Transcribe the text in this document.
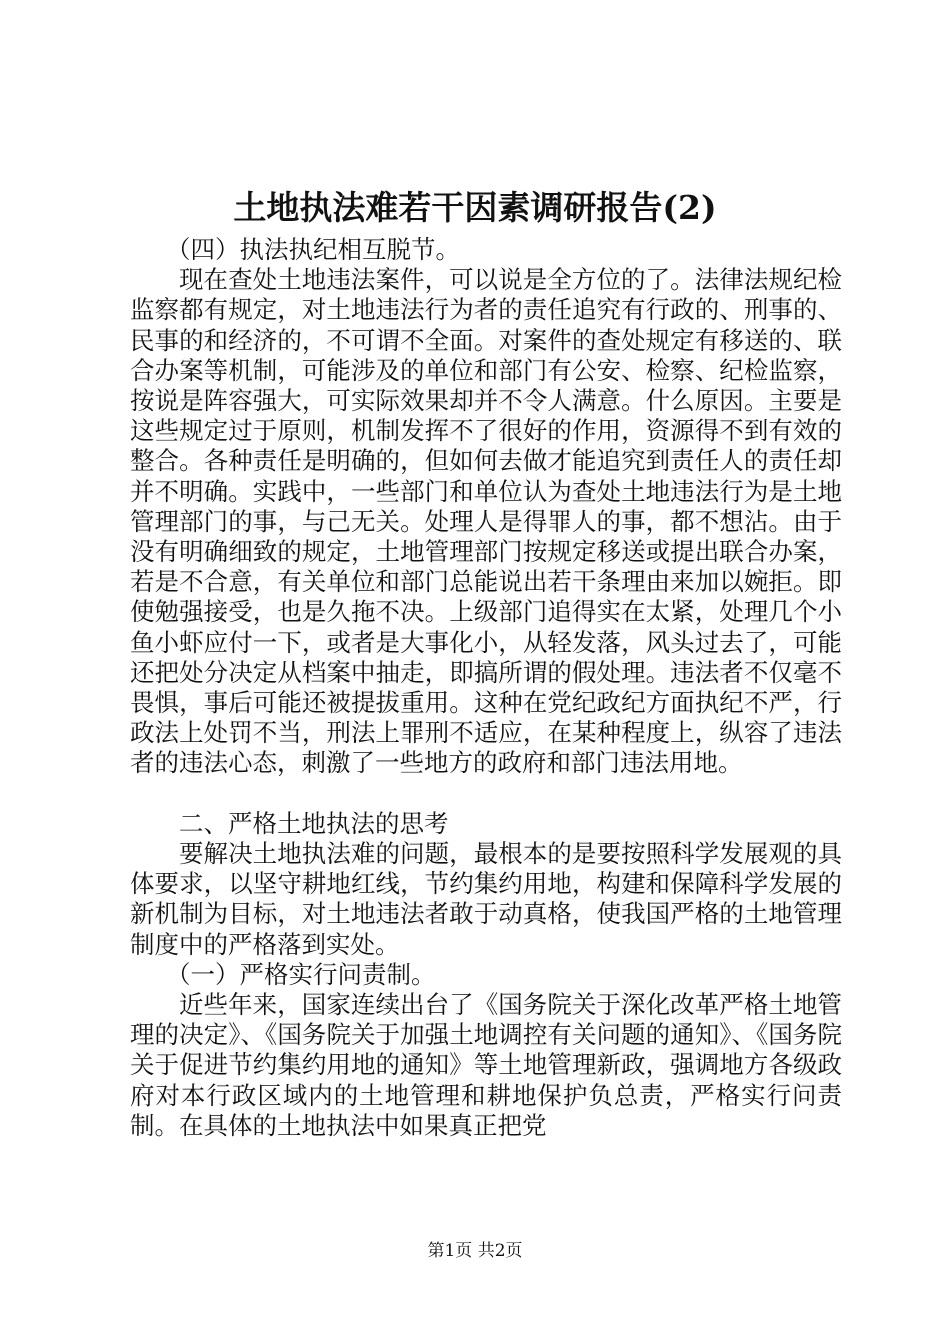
土地执法难若干因素调研报告(2)

（四）执法执纪相互脱节。

现在查处土地违法案件，可以说是全方位的了。法律法规纪检监察都有规定，对土地违法行为者的责任追究有行政的、刑事的、民事的和经济的，不可谓不全面。对案件的查处规定有移送的、联合办案等机制，可能涉及的单位和部门有公安、检察、纪检监察，按说是阵容强大，可实际效果却并不令人满意。什么原因。主要是这些规定过于原则，机制发挥不了很好的作用，资源得不到有效的整合。各种责任是明确的，但如何去做才能追究到责任人的责任却并不明确。实践中，一些部门和单位认为查处土地违法行为是土地管理部门的事，与己无关。处理人是得罪人的事，都不想沾。由于没有明确细致的规定，土地管理部门按规定移送或提出联合办案，若是不合意，有关单位和部门总能说出若干条理由来加以婉拒。即使勉强接受，也是久拖不决。上级部门追得实在太紧，处理几个小鱼小虾应付一下，或者是大事化小，从轻发落，风头过去了，可能还把处分决定从档案中抽走，即搞所谓的假处理。违法者不仅毫不畏惧，事后可能还被提拔重用。这种在党纪政纪方面执纪不严，行政法上处罚不当，刑法上罪刑不适应，在某种程度上，纵容了违法者的违法心态，刺激了一些地方的政府和部门违法用地。

二、严格土地执法的思考

要解决土地执法难的问题，最根本的是要按照科学发展观的具体要求，以坚守耕地红线，节约集约用地，构建和保障科学发展的新机制为目标，对土地违法者敢于动真格，使我国严格的土地管理制度中的严格落到实处。

（一）严格实行问责制。

近些年来，国家连续出台了《国务院关于深化改革严格土地管理的决定》、《国务院关于加强土地调控有关问题的通知》、《国务院关于促进节约集约用地的通知》等土地管理新政，强调地方各级政府对本行政区域内的土地管理和耕地保护负总责，严格实行问责制。在具体的土地执法中如果真正把党

第1页 共2页
